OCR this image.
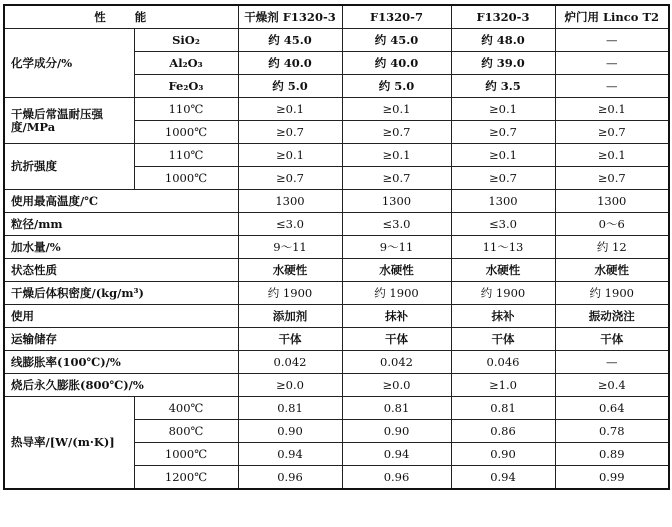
性　　能		干燥剂 F1320-3	F1320-7	F1320-3	炉门用 Linco T2
化学成分/%	SiO₂	约 45.0	约 45.0	约 48.0	—
	Al₂O₃	约 40.0	约 40.0	约 39.0	—
	Fe₂O₃	约 5.0	约 5.0	约 3.5	—
干燥后常温耐压强度/MPa	110℃	≥0.1	≥0.1	≥0.1	≥0.1
	1000℃	≥0.7	≥0.7	≥0.7	≥0.7
抗折强度	110℃	≥0.1	≥0.1	≥0.1	≥0.1
	1000℃	≥0.7	≥0.7	≥0.7	≥0.7
使用最高温度/℃		1300	1300	1300	1300
粒径/mm		≤3.0	≤3.0	≤3.0	0～6
加水量/%		9～11	9～11	11～13	约 12
状态性质		水硬性	水硬性	水硬性	水硬性
干燥后体积密度/(kg/m³)		约 1900	约 1900	约 1900	约 1900
使用		添加剂	抹补	抹补	振动浇注
运输储存		干体	干体	干体	干体
线膨胀率(100℃)/%		0.042	0.042	0.046	—
烧后永久膨胀(800℃)/%		≥0.0	≥0.0	≥1.0	≥0.4
热导率/[W/(m·K)]	400℃	0.81	0.81	0.81	0.64
	800℃	0.90	0.90	0.86	0.78
	1000℃	0.94	0.94	0.90	0.89
	1200℃	0.96	0.96	0.94	0.99
